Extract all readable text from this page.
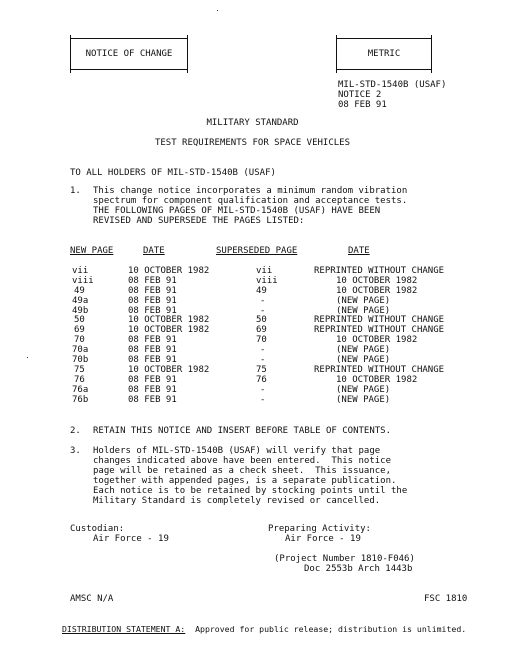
NOTICE OF CHANGE	METRIC
MIL-STD-1540B (USAF)
NOTICE 2
08 FEB 91
MILITARY STANDARD
TEST REQUIREMENTS FOR SPACE VEHICLES
TO ALL HOLDERS OF MIL-STD-1540B (USAF)
1. This change notice incorporates a minimum random vibration
spectrum for component qualification and acceptance tests.
THE FOLLOWING PAGES OF MIL-STD-1540B (USAF) HAVE BEEN
REVISED AND SUPERSEDE THE PAGES LISTED:
NEW PAGE	DATE	SUPERSEDED PAGE	DATE
vii	10 OCTOBER 1982	vii	REPRINTED WITHOUT CHANGE
viii	08 FEB 91	viii	10 OCTOBER 1982
49	08 FEB 91	49	10 OCTOBER 1982
49a	08 FEB 91	-	(NEW PAGE)
49b	08 FEB 91	-	(NEW PAGE)
50	10 OCTOBER 1982	50	REPRINTED WITHOUT CHANGE
69	10 OCTOBER 1982	69	REPRINTED WITHOUT CHANGE
70	08 FEB 91	70	10 OCTOBER 1982
70a	08 FEB 91	-	(NEW PAGE)
70b	08 FEB 91	-	(NEW PAGE)
75	10 OCTOBER 1982	75	REPRINTED WITHOUT CHANGE
76	08 FEB 91	76	10 OCTOBER 1982
76a	08 FEB 91	-	(NEW PAGE)
76b	08 FEB 91	-	(NEW PAGE)
2. RETAIN THIS NOTICE AND INSERT BEFORE TABLE OF CONTENTS.
3. Holders of MIL-STD-1540B (USAF) will verify that page
changes indicated above have been entered.  This notice
page will be retained as a check sheet.  This issuance,
together with appended pages, is a separate publication.
Each notice is to be retained by stocking points until the
Military Standard is completely revised or cancelled.
Custodian:
Air Force - 19
Preparing Activity:
Air Force - 19
(Project Number 1810-F046)
Doc 2553b Arch 1443b
AMSC N/A	FSC 1810

DISTRIBUTION STATEMENT A: Approved for public release; distribution is unlimited.
